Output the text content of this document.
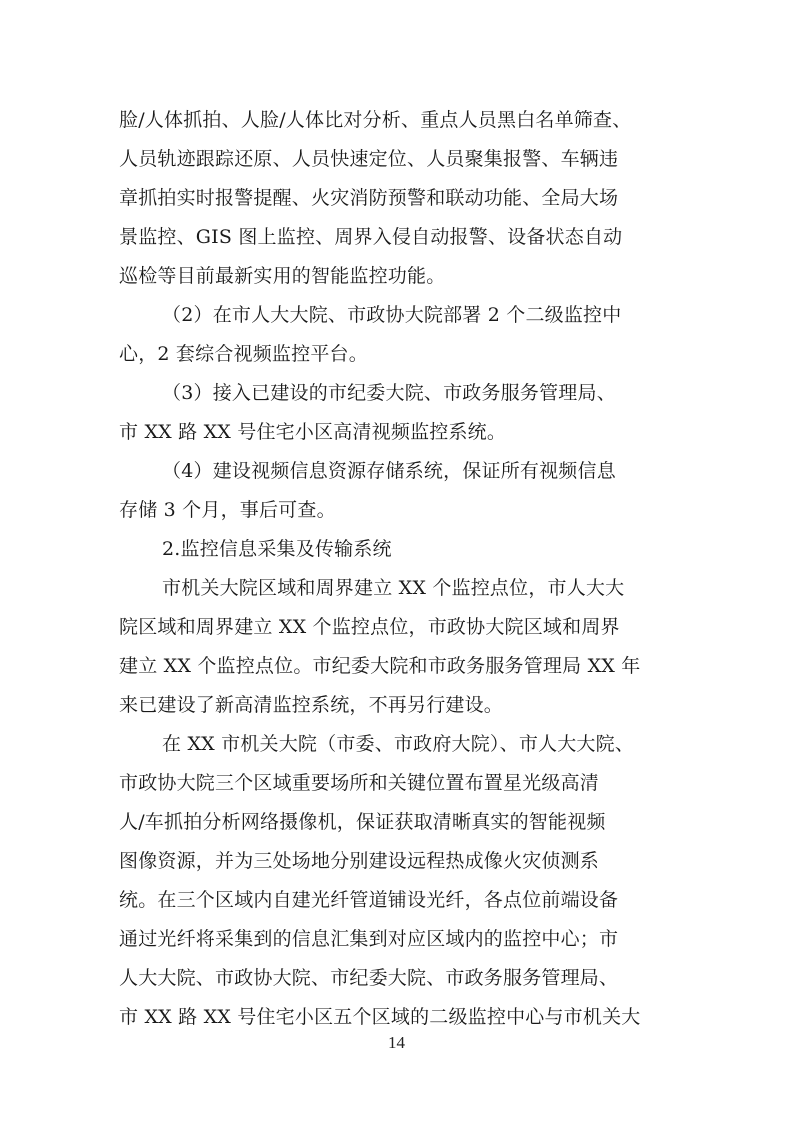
脸/人体抓拍、人脸/人体比对分析、重点人员黑白名单筛查、
人员轨迹跟踪还原、人员快速定位、人员聚集报警、车辆违
章抓拍实时报警提醒、火灾消防预警和联动功能、全局大场
景监控、GIS 图上监控、周界入侵自动报警、设备状态自动
巡检等目前最新实用的智能监控功能。
（2）在市人大大院、市政协大院部署 2 个二级监控中
心，2 套综合视频监控平台。
（3）接入已建设的市纪委大院、市政务服务管理局、
市 XX 路 XX 号住宅小区高清视频监控系统。
（4）建设视频信息资源存储系统，保证所有视频信息
存储 3 个月，事后可查。
2.监控信息采集及传输系统
市机关大院区域和周界建立 XX 个监控点位，市人大大
院区域和周界建立 XX 个监控点位，市政协大院区域和周界
建立 XX 个监控点位。市纪委大院和市政务服务管理局 XX 年
来已建设了新高清监控系统，不再另行建设。
在 XX 市机关大院（市委、市政府大院）、市人大大院、
市政协大院三个区域重要场所和关键位置布置星光级高清
人/车抓拍分析网络摄像机，保证获取清晰真实的智能视频
图像资源，并为三处场地分别建设远程热成像火灾侦测系
统。在三个区域内自建光纤管道铺设光纤，各点位前端设备
通过光纤将采集到的信息汇集到对应区域内的监控中心；市
人大大院、市政协大院、市纪委大院、市政务服务管理局、
市 XX 路 XX 号住宅小区五个区域的二级监控中心与市机关大
14
